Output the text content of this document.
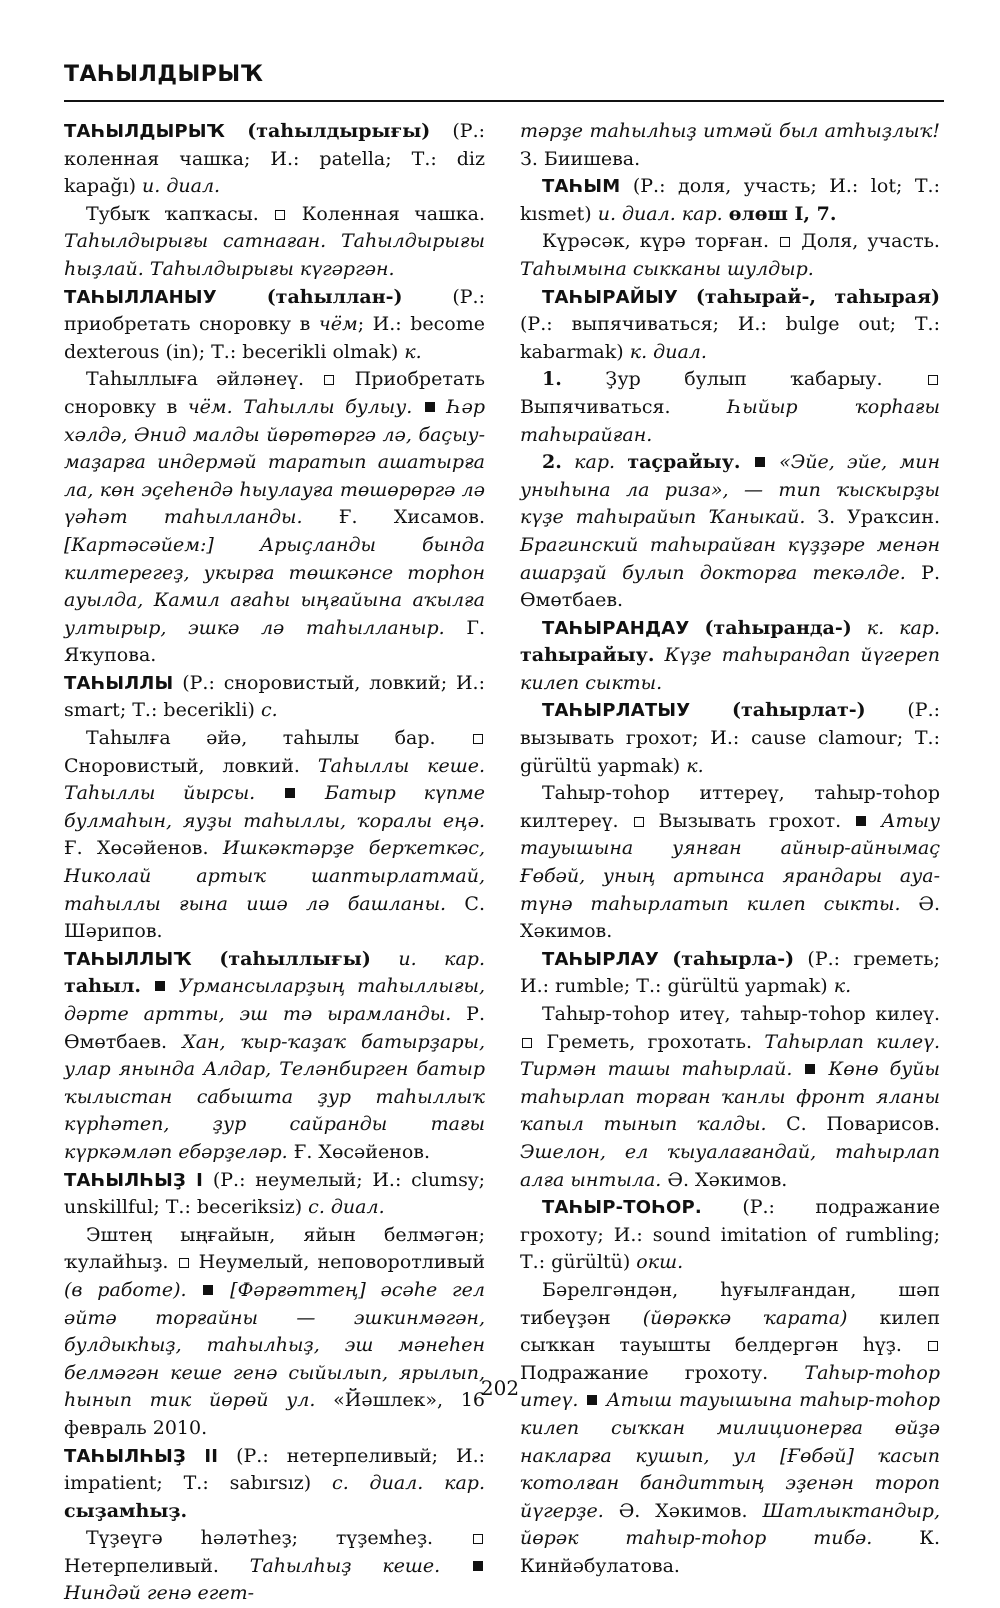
ТАҺЫЛДЫРЫҠ

ТАҺЫЛДЫРЫҠ (таһылдырығы) (Р.: коленная чашка; И.: patella; Т.: diz kapağı) и. диал.

Тубыҡ ҡапҡасы. Коленная чашка. Таһылдырығы сатнаған. Таһылдырығы һыҙлай. Таһылдырығы күгәргән.

ТАҺЫЛЛАНЫУ	(таһыллан-)	(Р.: приобретать сноровку в чём; И.: become dexterous (in); Т.: becerikli olmak) к.

Таһыллыға әйләнеү.	Приобретать сноровку в чём. Таһыллы булыу. Һәр хәлдә, Әнид малды йөрөтөргә лә, баҫыу-маҙарға индермәй таратып ашатырға ла, көн эҫеһендә һыулауға төшөрөргә лә үәһәт таһылланды. Ғ. Хисамов. [Картәсәйем:] Арыҫланды бында килтерегеҙ, укырға төшкәнсе торһон ауылда, Камил ағаһы ыңғайына аҡылға ултырыр, эшкә лә таһылланыр. Г. Яҡупова.

ТАҺЫЛЛЫ (Р.: сноровистый, ловкий; И.: smart; Т.: becerikli) с.

Таһылға әйә, таһылы бар.  Сноровистый, ловкий. Таһыллы кеше. Таһыллы йырсы.	Батыр күпме булмаһын, яуҙы таһыллы, ҡоралы еңә. Ғ. Хөсәйенов. Ишкәктәрҙе берҡеткәс, Николай артыҡ шаптырлатмай, таһыллы ғына ишә лә башланы. С. Шәрипов.

ТАҺЫЛЛЫҠ (таһыллығы) и. кар. таһыл. Урмансыларҙың таһыллығы, дәрте артты, эш тә ырамланды. Р. Өмөтбаев. Хан, ҡыр-ҡаҙаҡ батырҙары, улар янында Алдар, Теләнбирген батыр ҡылыстан сабышта ҙур таһыллыҡ күрһәтеп, ҙур сайранды тағы күркәмләп ебәрҙеләр. Ғ. Хөсәйенов.

ТАҺЫЛҺЫҘ I (Р.: неумелый; И.: clumsy; unskillful; Т.: beceriksiz) с. диал.

Эштең ыңғайын, яйын белмәгән; ҡулайһыҙ. Неумелый, неповоротливый (в работе). [Фәрғәттең] әсәһе гел әйтә торғайны — эшкинмәгән, булдыкһыҙ, таһылһыҙ, эш мәнеһен белмәгән кеше генә сыйылып, ярылып, һынып тик йөрөй ул. «Йәшлек», 16 февраль 2010.

ТАҺЫЛҺЫҘ II (Р.: нетерпеливый; И.: impatient; Т.: sabırsız) с. диал. кар. сыҙамһыҙ.

Түҙеүгә һәләтһеҙ; түҙемһеҙ.  Нетерпеливый. Таһылһыҙ кеше.  Ниндәй генә егет-

тәрҙе таһылһыҙ итмәй был атһыҙлыҡ! З. Биишева.

ТАҺЫМ (Р.: доля, участь; И.: lot; Т.: kısmet) и. диал. кар. өлөш I, 7.

Күрәсәк, күрә торған. Доля, участь. Таһымына сыкканы шулдыр.

ТАҺЫРАЙЫУ (таһырай-, таһырая) (Р.: выпячиваться; И.: bulge out; Т.: kabarmak) к. диал.

1. Ҙур булып ҡабарыу.  Выпячиваться.	Һыйыр ҡорһағы таһырайған.

2. кар. таҫрайыу. «Эйе, эйе, мин уныһына ла риза», — тип ҡыскырҙы күҙе таһырайып Ҡаныкай. З. Ураҡсин. Брагинский таһырайған күҙҙәре менән ашарҙай булып докторға текәлде. Р. Өмөтбаев.

ТАҺЫРАНДАУ (таһыранда-) к. кар. таһырайыу. Күҙе таһырандап йүгереп килеп сыкты.

ТАҺЫРЛАТЫУ (таһырлат-) (Р.: вызывать грохот; И.: cause clamour; Т.: gürültü yapmak) к.

Таһыр-тоһор иттереү, таһыр-тоһор килтереү. Вызывать грохот. Атыу тауышына уянған айныр-айнымаҫ Ғөбәй, уның артынса ярандары ауа-түнә таһырлатып килеп сыкты. Ә. Хәкимов.

ТАҺЫРЛАУ (таһырла-) (Р.: греметь; И.: rumble; Т.: gürültü yapmak) к.

Таһыр-тоһор итеү, таһыр-тоһор килеү.  Греметь, грохотать. Таһырлап килеү. Тирмән ташы таһырлай. Көнө буйы таһырлап торған ҡанлы фронт яланы ҡапыл тынып ҡалды. С. Поварисов. Эшелон, ел ҡыуалағандай, таһырлап алға ынтыла. Ә. Хәкимов.

ТАҺЫР-ТОҺОР. (Р.: подражание грохоту; И.: sound imitation of rumbling; Т.: gürültü) окш.

Бәрелгәндән, һуғылғандан, шәп тибеүҙән (йөрәккә ҡарата) килеп сыҡкан тауышты белдергән һүҙ.  Подражание грохоту. Таһыр-тоһор итеү. Атыш тауышына таһыр-тоһор килеп сыҡкан милиционерға өйҙә накларға кушып, ул [Ғөбәй] ҡасып ҡотолған бандиттың эҙенән тороп йүгерҙе. Ә. Хәкимов. Шатлыктандыр, йөрәк таһыр-тоһор тибә. К. Кинйәбулатова.

202
